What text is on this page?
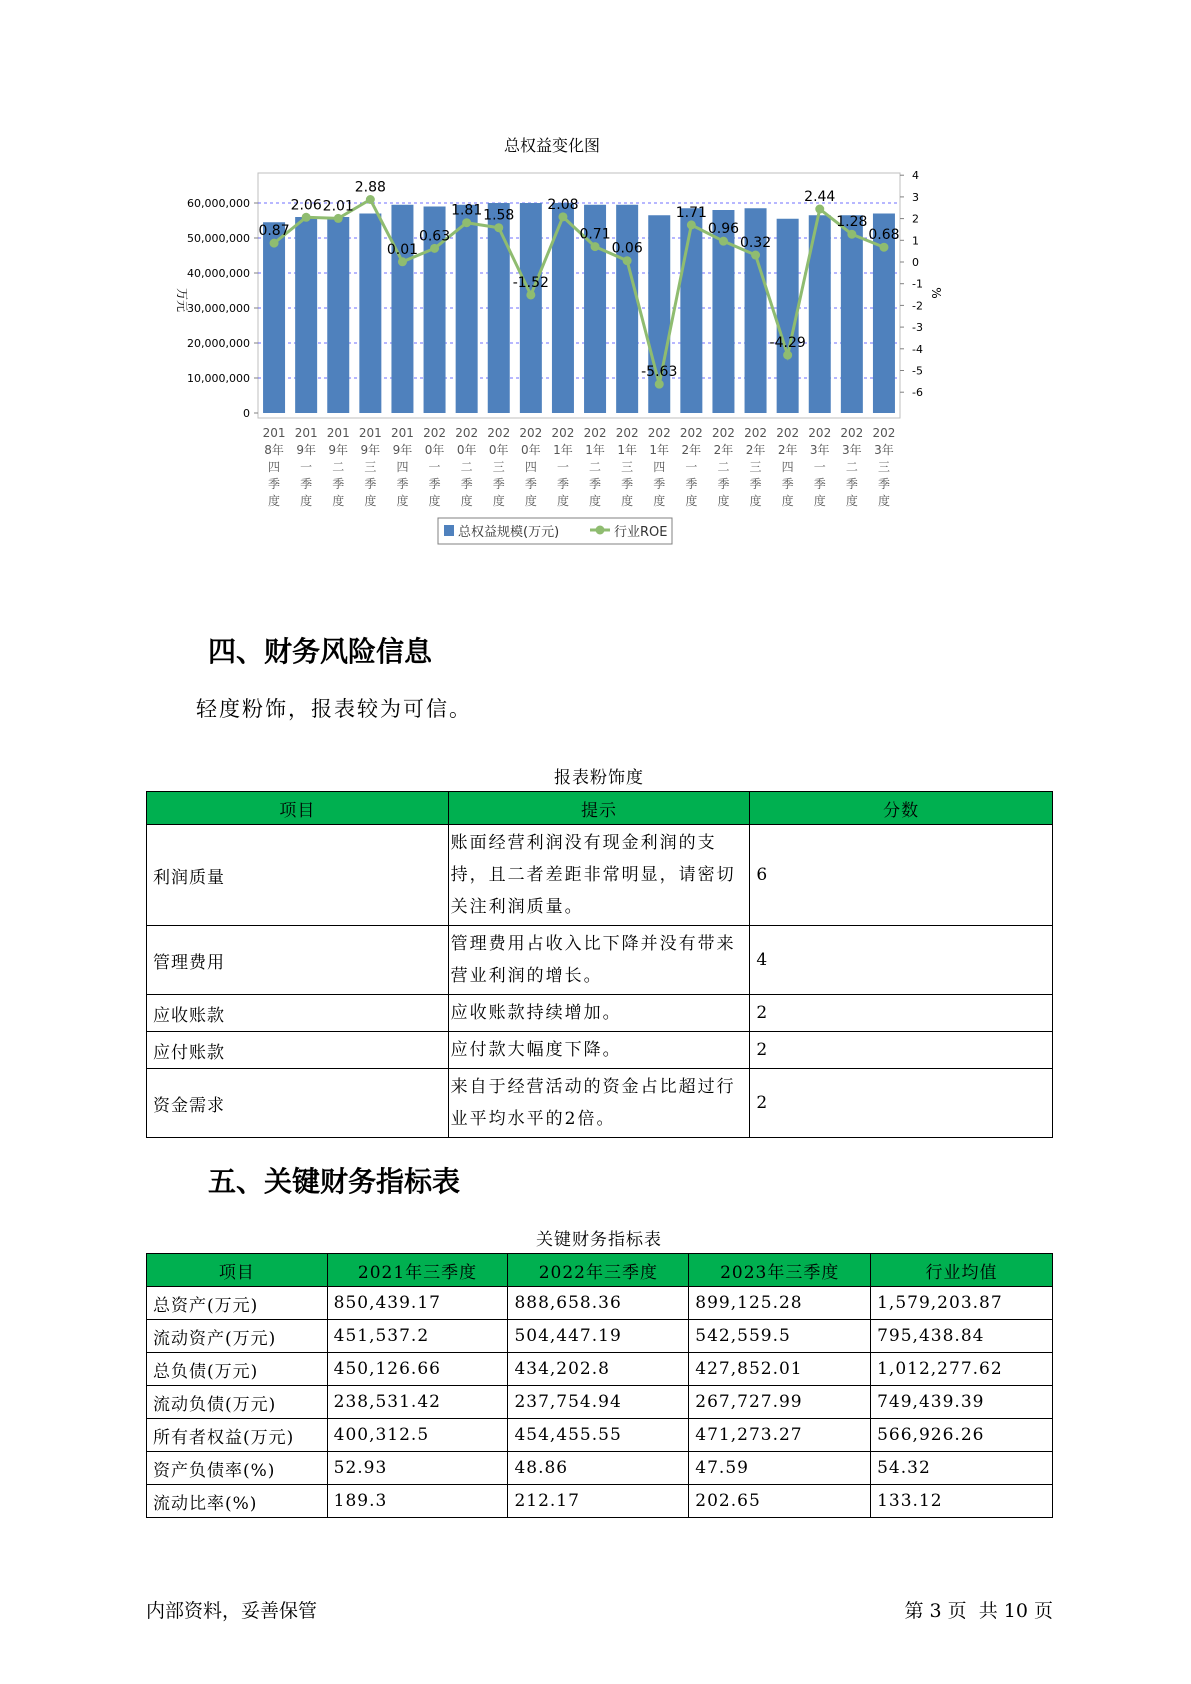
总权益变化图
0
10,000,000
20,000,000
30,000,000
40,000,000
50,000,000
60,000,000
4
3
2
1
0
-1
-2
-3
-4
-5
-6
万元	%
0.87
2.06 2.01
2.88
0.01
0.63
1.81 1.58
-1.52
2.08
0.71
0.06
-5.63
1.71
0.96
0.32
-4.29
2.44
1.28
0.68
201
8年
四
季
度
201
9年
一
季
度
201
9年
二
季
度
201
9年
三
季
度
201
9年
四
季
度
202
0年
一
季
度
202
0年
二
季
度
202
0年
三
季
度
202
0年
四
季
度
202
1年
一
季
度
202
1年
二
季
度
202
1年
三
季
度
202
1年
四
季
度
202
2年
一
季
度
202
2年
二
季
度
202
2年
三
季
度
202
2年
四
季
度
202
3年
一
季
度
202
3年
二
季
度
202
3年
三
季
度
总权益规模(万元)	行业ROE
四、财务风险信息
轻度粉饰，报表较为可信。
报表粉饰度
项目	提示	分数
利润质量	账面经营利润没有现金利润的支持，且二者差距非常明显，请密切关注利润质量。	6
管理费用	管理费用占收入比下降并没有带来营业利润的增长。	4
应收账款	应收账款持续增加。	2
应付账款	应付款大幅度下降。	2
资金需求	来自于经营活动的资金占比超过行业平均水平的2倍。	2
五、关键财务指标表
关键财务指标表
项目	2021年三季度	2022年三季度	2023年三季度	行业均值
总资产(万元)	850,439.17	888,658.36	899,125.28	1,579,203.87
流动资产(万元)	451,537.2	504,447.19	542,559.5	795,438.84
总负债(万元)	450,126.66	434,202.8	427,852.01	1,012,277.62
流动负债(万元)	238,531.42	237,754.94	267,727.99	749,439.39
所有者权益(万元)	400,312.5	454,455.55	471,273.27	566,926.26
资产负债率(%)	52.93	48.86	47.59	54.32
流动比率(%)	189.3	212.17	202.65	133.12
内部资料，妥善保管	第 3 页  共 10 页
